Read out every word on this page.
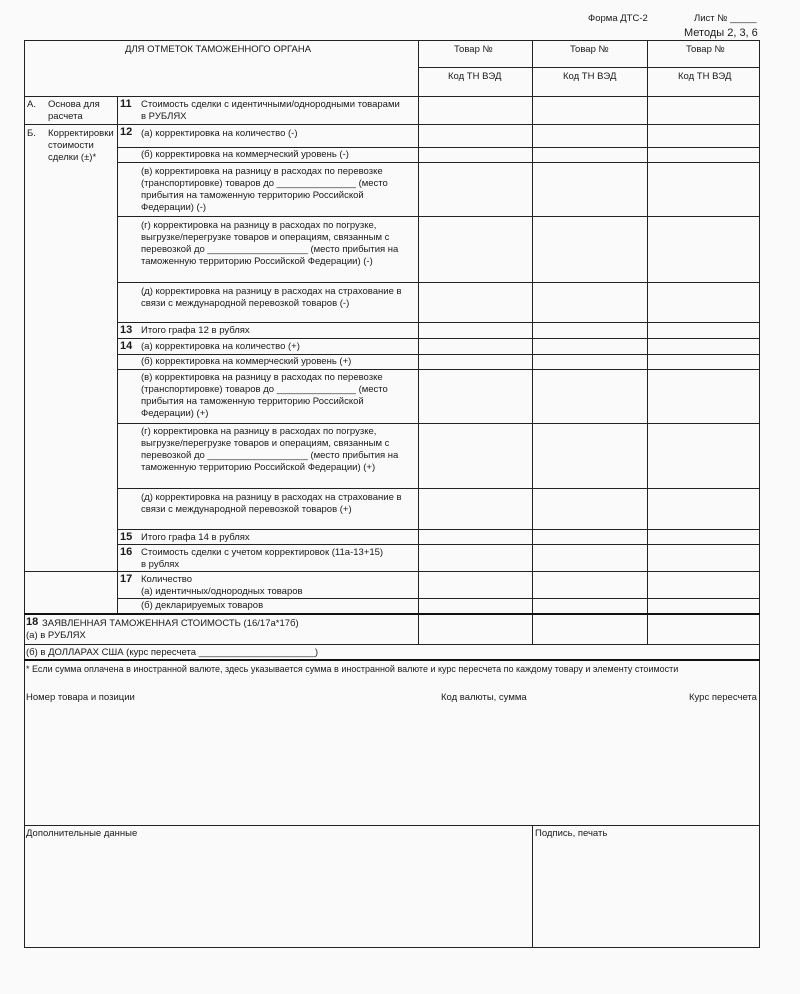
Форма ДТС-2	Лист № _____
Методы 2, 3, 6
ДЛЯ ОТМЕТОК ТАМОЖЕННОГО ОРГАНА	Товар №	Товар №	Товар №
Код ТН ВЭД	Код ТН ВЭД	Код ТН ВЭД
А. Основа для
расчета
Б. Корректировки
стоимости
сделки (±)*
11 Стоимость сделки с идентичными/однородными товарами
в РУБЛЯХ
12 (а) корректировка на количество (-)
(б) корректировка на коммерческий уровень (-)
(в) корректировка на разницу в расходах по перевозке
(транспортировке) товаров до _______________ (место
прибытия на таможенную территорию Российской
Федерации) (-)
(г) корректировка на разницу в расходах по погрузке,
выгрузке/перегрузке товаров и операциям, связанным с
перевозкой до ___________________ (место прибытия на
таможенную территорию Российской Федерации) (-)
(д) корректировка на разницу в расходах на страхование в
связи с международной перевозкой товаров (-)
13 Итого графа 12 в рублях
14 (а) корректировка на количество (+)
(б) корректировка на коммерческий уровень (+)
(в) корректировка на разницу в расходах по перевозке
(транспортировке) товаров до _______________ (место
прибытия на таможенную территорию Российской
Федерации) (+)
(г) корректировка на разницу в расходах по погрузке,
выгрузке/перегрузке товаров и операциям, связанным с
перевозкой до ___________________ (место прибытия на
таможенную территорию Российской Федерации) (+)
(д) корректировка на разницу в расходах на страхование в
связи с международной перевозкой товаров (+)
15 Итого графа 14 в рублях
16 Стоимость сделки с учетом корректировок (11а-13+15)
в рублях
17 Количество
(а) идентичных/однородных товаров
(б) декларируемых товаров
18 ЗАЯВЛЕННАЯ ТАМОЖЕННАЯ СТОИМОСТЬ (16/17а*17б)
(а) в РУБЛЯХ
(б) в ДОЛЛАРАХ США (курс пересчета ______________________)
* Если сумма оплачена в иностранной валюте, здесь указывается сумма в иностранной валюте и курс пересчета по каждому товару и элементу стоимости
Номер товара и позиции	Код валюты, сумма	Курс пересчета
Дополнительные данные	Подпись, печать
